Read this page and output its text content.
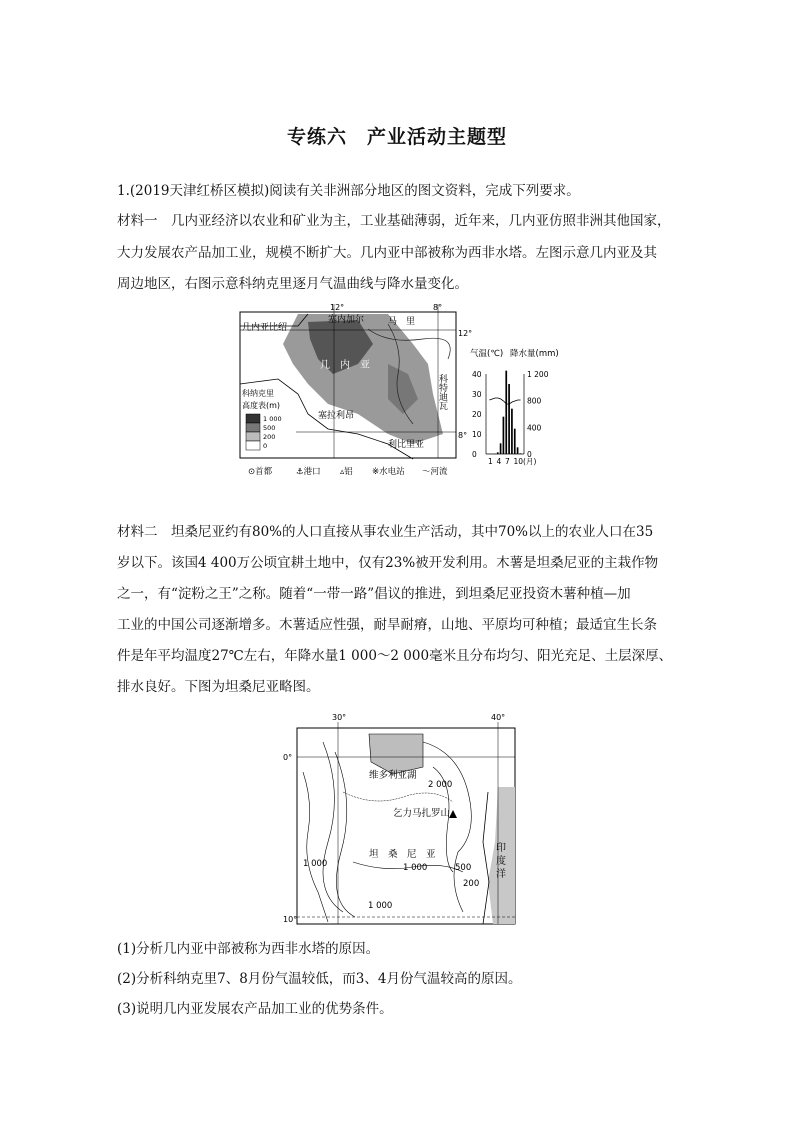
专练六　产业活动主题型
1.(2019天津红桥区模拟)阅读有关非洲部分地区的图文资料，完成下列要求。
材料一　几内亚经济以农业和矿业为主，工业基础薄弱，近年来，几内亚仿照非洲其他国家，
大力发展农产品加工业，规模不断扩大。几内亚中部被称为西非水塔。左图示意几内亚及其
周边地区，右图示意科纳克里逐月气温曲线与降水量变化。
12°	8°
12°
8°
几内亚比绍
塞内加尔	马　里
几　内　亚
科纳克里
塞拉利昂
利比里亚
科特迪瓦
高度表(m)
1 000
500
200
0
⊙首都	⚓港口 ▵铝 ※水电站 〜河流
气温(℃) 降水量(mm)
40
30
20
10
0
1 200
800
400
0
1 4 7 10(月)
材料二　坦桑尼亚约有80%的人口直接从事农业生产活动，其中70%以上的农业人口在35
岁以下。该国4 400万公顷宜耕土地中，仅有23%被开发利用。木薯是坦桑尼亚的主栽作物
之一，有“淀粉之王”之称。随着“一带一路”倡议的推进，到坦桑尼亚投资木薯种植—加
工业的中国公司逐渐增多。木薯适应性强，耐旱耐瘠，山地、平原均可种植；最适宜生长条
件是年平均温度27℃左右，年降水量1 000～2 000毫米且分布均匀、阳光充足、土层深厚、
排水良好。下图为坦桑尼亚略图。
30°	40°
0°
10°
维多利亚湖
乞力马扎罗山
坦　桑　尼　亚
2 000
1 000
1 000
1 000
500
200
印 度 洋
(1)分析几内亚中部被称为西非水塔的原因。
(2)分析科纳克里7、8月份气温较低，而3、4月份气温较高的原因。
(3)说明几内亚发展农产品加工业的优势条件。
